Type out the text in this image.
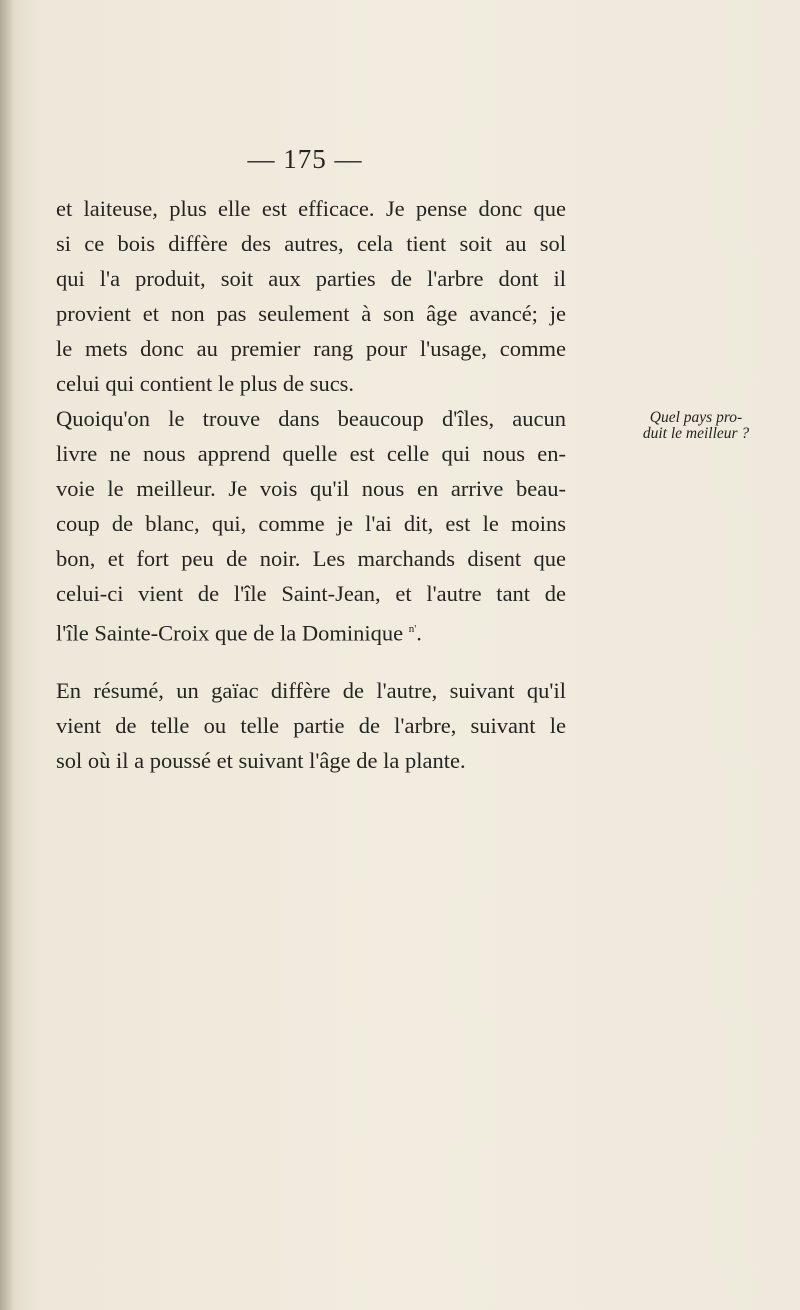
— 175 —
et laiteuse, plus elle est efficace. Je pense donc que
si ce bois diffère des autres, cela tient soit au sol
qui l'a produit, soit aux parties de l'arbre dont il
provient et non pas seulement à son âge avancé; je
le mets donc au premier rang pour l'usage, comme
celui qui contient le plus de sucs.
Quoiqu'on le trouve dans beaucoup d'îles, aucun
livre ne nous apprend quelle est celle qui nous en-
voie le meilleur. Je vois qu'il nous en arrive beau-
coup de blanc, qui, comme je l'ai dit, est le moins
bon, et fort peu de noir. Les marchands disent que
celui-ci vient de l'île Saint-Jean, et l'autre tant de
l'île Sainte-Croix que de la Dominique $^{n'}$.
Quel pays pro-
duit le meilleur ?
En résumé, un gaïac diffère de l'autre, suivant qu'il
vient de telle ou telle partie de l'arbre, suivant le
sol où il a poussé et suivant l'âge de la plante.
